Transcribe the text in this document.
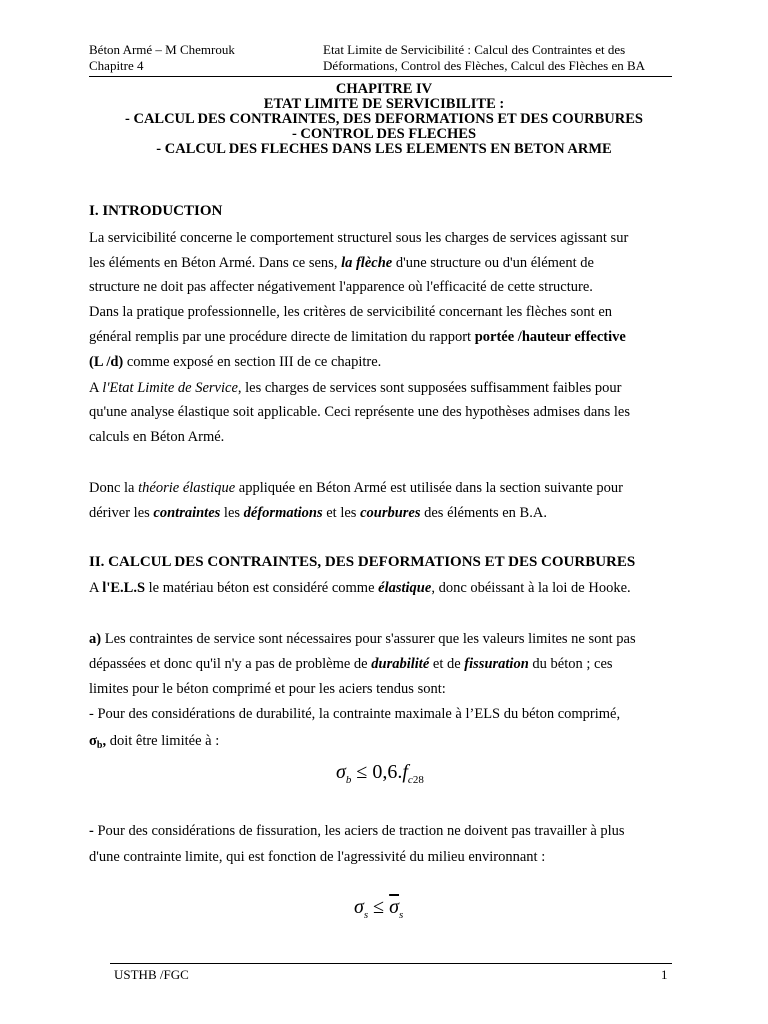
Béton Armé – M Chemrouk
Chapitre 4
Etat Limite de Servicibilité : Calcul des Contraintes et des
Déformations, Control des Flèches, Calcul des Flèches en BA
CHAPITRE IV
ETAT LIMITE DE SERVICIBILITE :
- CALCUL DES CONTRAINTES, DES DEFORMATIONS ET DES COURBURES
- CONTROL DES FLECHES
- CALCUL DES FLECHES DANS LES ELEMENTS EN BETON ARME
I. INTRODUCTION
La servicibilité concerne le comportement structurel sous les charges de services agissant sur
les éléments en Béton Armé. Dans ce sens, la flèche d'une structure ou d'un élément de
structure ne doit pas affecter négativement l'apparence où l'efficacité de cette structure.
Dans la pratique professionnelle, les critères de servicibilité concernant les flèches sont en
général remplis par une procédure directe de limitation du rapport portée /hauteur effective
(L /d) comme exposé en section III de ce chapitre.
A l'Etat Limite de Service, les charges de services sont supposées suffisamment faibles pour
qu'une analyse élastique soit applicable. Ceci représente une des hypothèses admises dans les
calculs en Béton Armé.
Donc la théorie élastique appliquée en Béton Armé est utilisée dans la section suivante pour
dériver les contraintes les déformations et les courbures des éléments en B.A.
II. CALCUL DES CONTRAINTES, DES DEFORMATIONS ET DES COURBURES
A l'E.L.S le matériau béton est considéré comme élastique, donc obéissant à la loi de Hooke.
a) Les contraintes de service sont nécessaires pour s'assurer que les valeurs limites ne sont pas
dépassées et donc qu'il n'y a pas de problème de durabilité et de fissuration du béton ; ces
limites pour le béton comprimé et pour les aciers tendus sont:
- Pour des considérations de durabilité, la contrainte maximale à l’ELS du béton comprimé,
$\sigma_b$, doit être limitée à :
$\sigma_b \le 0,6.f_{c28}$
- Pour des considérations de fissuration, les aciers de traction ne doivent pas travailler à plus
d'une contrainte limite, qui est fonction de l'agressivité du milieu environnant :
$\sigma_s \le \overline{\sigma}_s$
USTHB /FGC	1
